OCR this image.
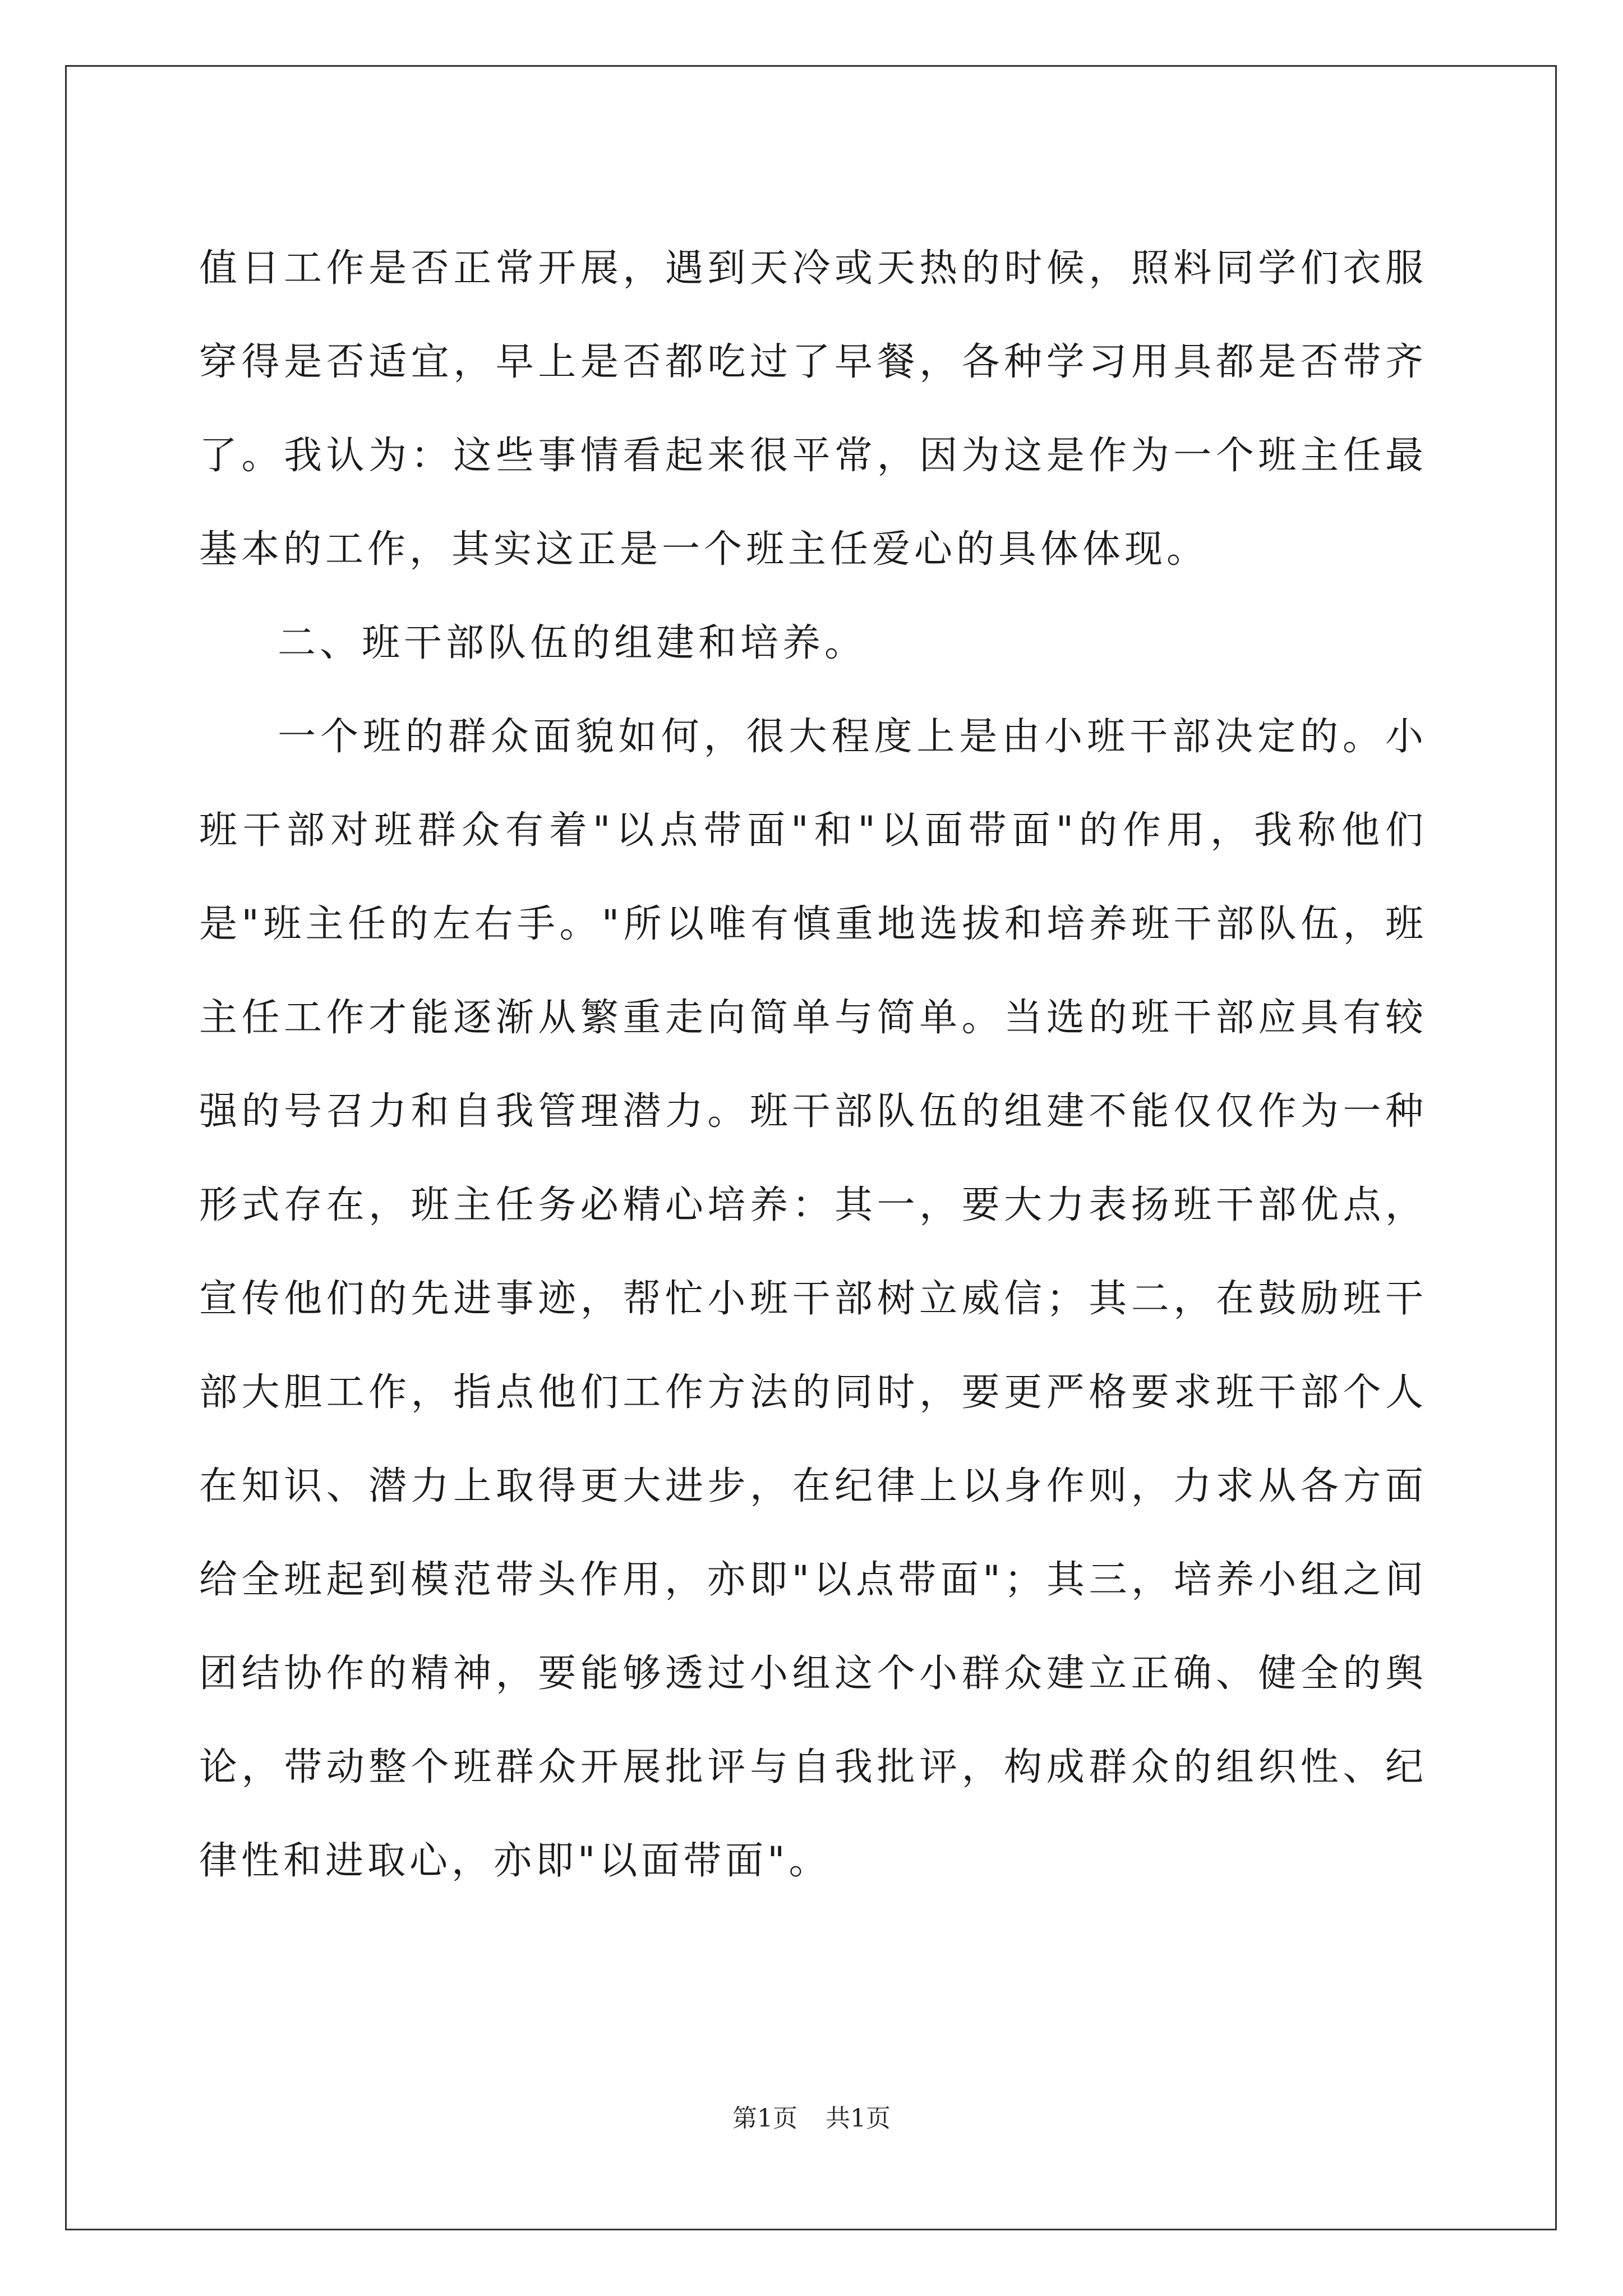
值日工作是否正常开展，遇到天冷或天热的时候，照料同学们衣服穿得是否适宜，早上是否都吃过了早餐，各种学习用具都是否带齐了。我认为：这些事情看起来很平常，因为这是作为一个班主任最基本的工作，其实这正是一个班主任爱心的具体体现。

二、班干部队伍的组建和培养。

一个班的群众面貌如何，很大程度上是由小班干部决定的。小班干部对班群众有着"以点带面"和"以面带面"的作用，我称他们是"班主任的左右手。"所以唯有慎重地选拔和培养班干部队伍，班主任工作才能逐渐从繁重走向简单与简单。当选的班干部应具有较强的号召力和自我管理潜力。班干部队伍的组建不能仅仅作为一种形式存在，班主任务必精心培养：其一，要大力表扬班干部优点，宣传他们的先进事迹，帮忙小班干部树立威信；其二，在鼓励班干部大胆工作，指点他们工作方法的同时，要更严格要求班干部个人在知识、潜力上取得更大进步，在纪律上以身作则，力求从各方面给全班起到模范带头作用，亦即"以点带面"；其三，培养小组之间团结协作的精神，要能够透过小组这个小群众建立正确、健全的舆论，带动整个班群众开展批评与自我批评，构成群众的组织性、纪律性和进取心，亦即"以面带面"。

第1页 共1页
